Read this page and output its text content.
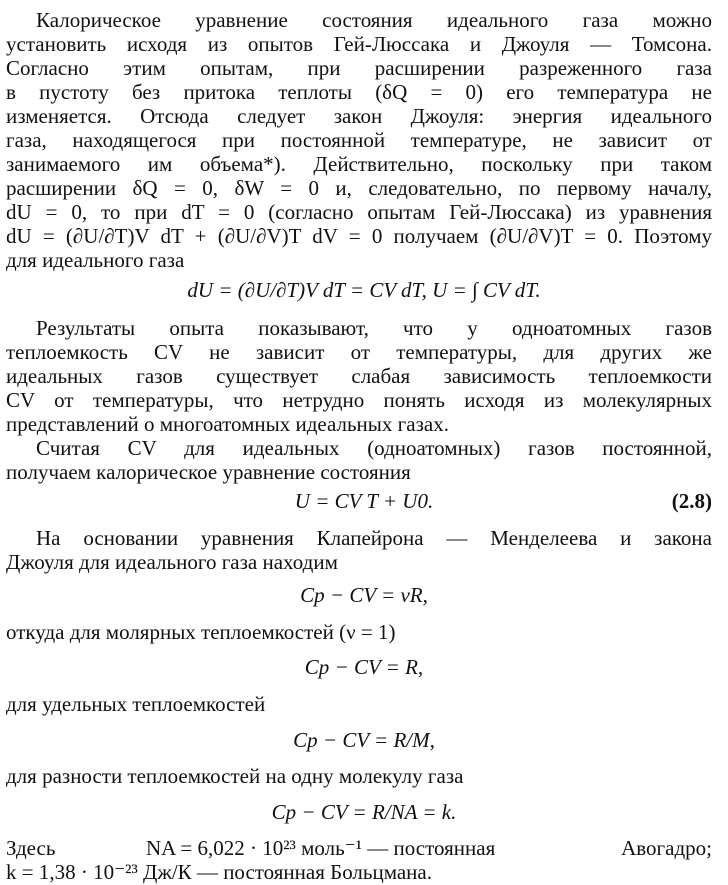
Калорическое уравнение состояния идеального газа можно
установить исходя из опытов Гей-Люссака и Джоуля — Томсона.
Согласно этим опытам, при расширении разреженного газа
в пустоту без притока теплоты (δQ = 0) его температура не
изменяется. Отсюда следует закон Джоуля: энергия идеального
газа, находящегося при постоянной температуре, не зависит от
занимаемого им объема*). Действительно, поскольку при таком
расширении δQ = 0, δW = 0 и, следовательно, по первому началу,
dU = 0, то при dT = 0 (согласно опытам Гей-Люссака) из уравнения
dU = (∂U/∂T)V dT + (∂U/∂V)T dV = 0 получаем (∂U/∂V)T = 0. Поэтому
для идеального газа
dU = (∂U/∂T)V dT = CV dT, U = ∫ CV dT.
Результаты опыта показывают, что у одноатомных газов
теплоемкость CV не зависит от температуры, для других же
идеальных газов существует слабая зависимость теплоемкости
CV от температуры, что нетрудно понять исходя из молекулярных
представлений о многоатомных идеальных газах.
Считая CV для идеальных (одноатомных) газов постоянной,
получаем калорическое уравнение состояния
U = CV T + U0.	(2.8)
На основании уравнения Клапейрона — Менделеева и закона
Джоуля для идеального газа находим
Cp − CV = νR,
откуда для молярных теплоемкостей (ν = 1)
Cp − CV = R,
для удельных теплоемкостей
Cp − CV = R/M,
для разности теплоемкостей на одну молекулу газа
Cp − CV = R/NA = k.
Здесь	NA = 6,022 · 10²³ моль⁻¹ — постоянная	Авогадро;
k = 1,38 · 10⁻²³ Дж/К — постоянная Больцмана.
